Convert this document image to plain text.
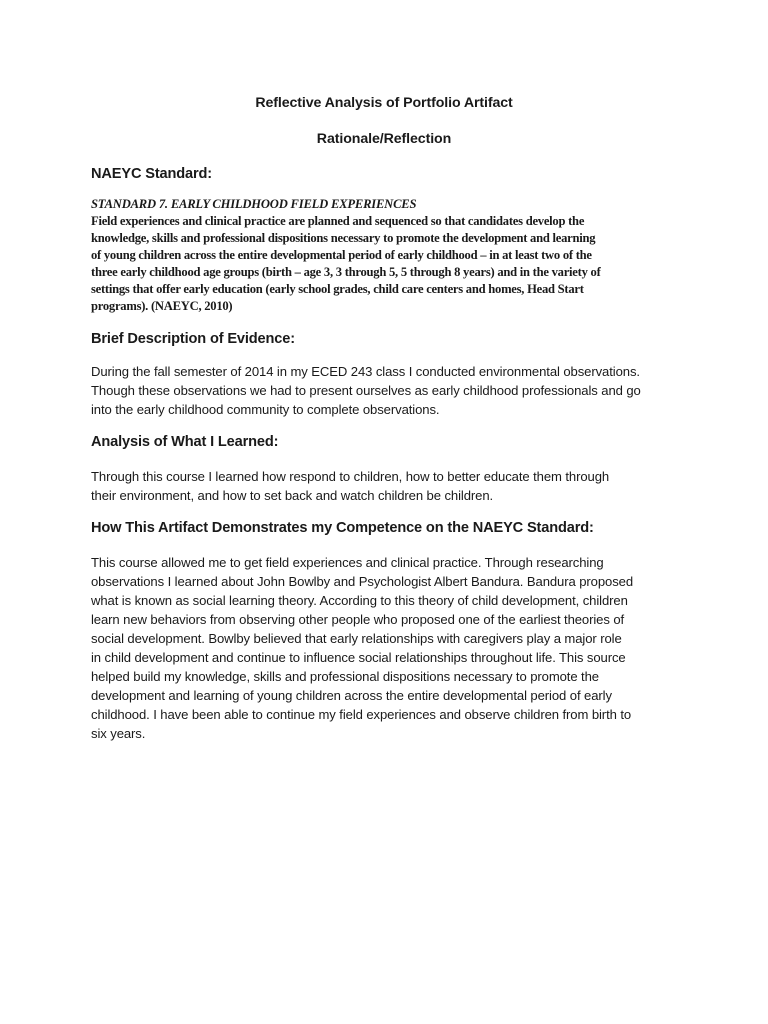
Reflective Analysis of Portfolio Artifact
Rationale/Reflection
NAEYC Standard:
STANDARD 7. EARLY CHILDHOOD FIELD EXPERIENCES
Field experiences and clinical practice are planned and sequenced so that candidates develop the
knowledge, skills and professional dispositions necessary to promote the development and learning
of young children across the entire developmental period of early childhood – in at least two of the
three early childhood age groups (birth – age 3, 3 through 5, 5 through 8 years) and in the variety of
settings that offer early education (early school grades, child care centers and homes, Head Start
programs). (NAEYC, 2010)
Brief Description of Evidence:
During the fall semester of 2014 in my ECED 243 class I conducted environmental observations.
Though these observations we had to present ourselves as early childhood professionals and go
into the early childhood community to complete observations.
Analysis of What I Learned:
Through this course I learned how respond to children, how to better educate them through
their environment, and how to set back and watch children be children.
How This Artifact Demonstrates my Competence on the NAEYC Standard:
This course allowed me to get field experiences and clinical practice. Through researching
observations I learned about John Bowlby and Psychologist Albert Bandura. Bandura proposed
what is known as social learning theory. According to this theory of child development, children
learn new behaviors from observing other people who proposed one of the earliest theories of
social development. Bowlby believed that early relationships with caregivers play a major role
in child development and continue to influence social relationships throughout life. This source
helped build my knowledge, skills and professional dispositions necessary to promote the
development and learning of young children across the entire developmental period of early
childhood. I have been able to continue my field experiences and observe children from birth to
six years.
